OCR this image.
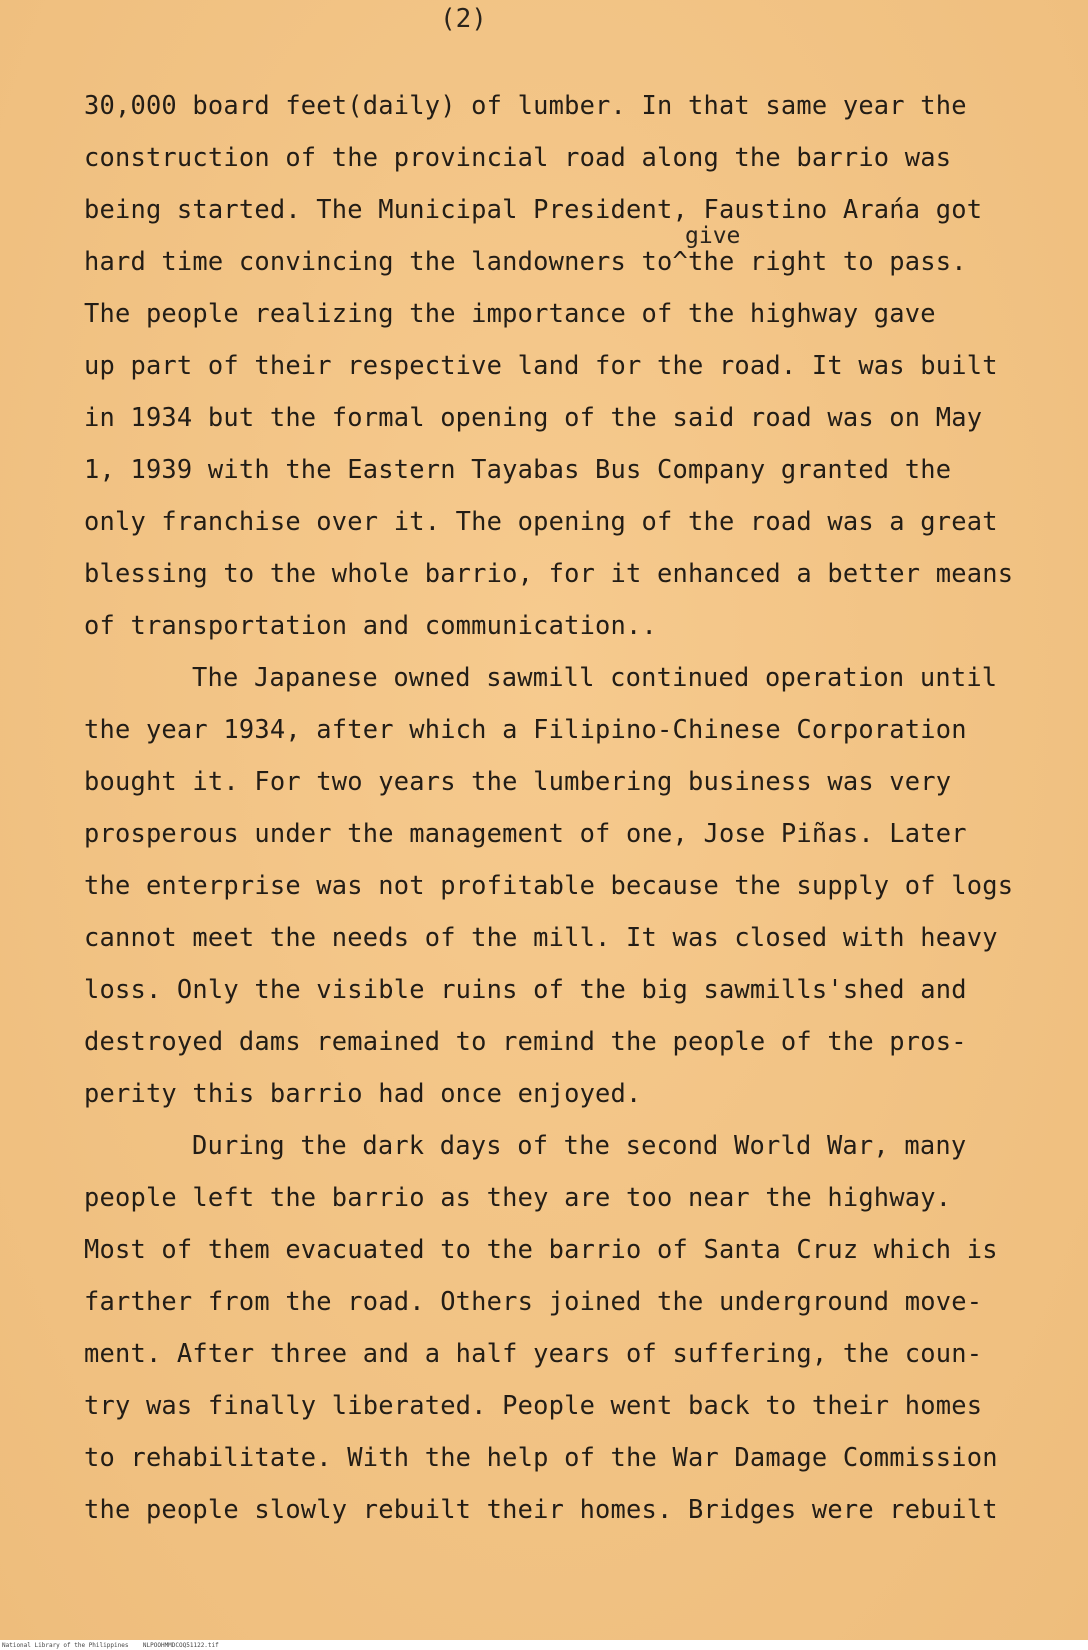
(2)
give
30,000 board feet(daily) of lumber. In that same year the
construction of the provincial road along the barrio was
being started. The Municipal President, Faustino Arańa got
hard time convincing the landowners to^the right to pass.
The people realizing the importance of the highway gave
up part of their respective land for the road. It was built
in 1934 but the formal opening of the said road was on May
1, 1939 with the Eastern Tayabas Bus Company granted the
only franchise over it. The opening of the road was a great
blessing to the whole barrio, for it enhanced a better means
of transportation and communication..
The Japanese owned sawmill continued operation until
the year 1934, after which a Filipino-Chinese Corporation
bought it. For two years the lumbering business was very
prosperous under the management of one, Jose Piñas. Later
the enterprise was not profitable because the supply of logs
cannot meet the needs of the mill. It was closed with heavy
loss. Only the visible ruins of the big sawmills'shed and
destroyed dams remained to remind the people of the pros-
perity this barrio had once enjoyed.
During the dark days of the second World War, many
people left the barrio as they are too near the highway.
Most of them evacuated to the barrio of Santa Cruz which is
farther from the road. Others joined the underground move-
ment. After three and a half years of suffering, the coun-
try was finally liberated. People went back to their homes
to rehabilitate. With the help of the War Damage Commission
the people slowly rebuilt their homes. Bridges were rebuilt
National Library of the Philippines NLPOOHMMDCOQ51122.tif
